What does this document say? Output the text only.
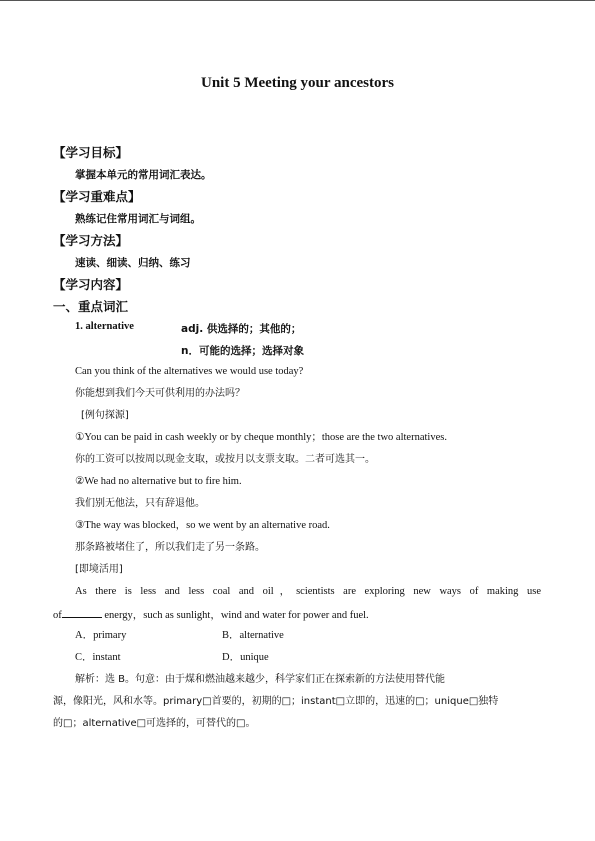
Unit 5 Meeting your ancestors
【学习目标】
掌握本单元的常用词汇表达。
【学习重难点】
熟练记住常用词汇与词组。
【学习方法】
速读、细读、归纳、练习
【学习内容】
一、重点词汇
1. alternative	adj. 供选择的；其他的；
n．可能的选择；选择对象
Can you think of the alternatives we would use today?
你能想到我们今天可供利用的办法吗？
[例句探源]
①You can be paid in cash weekly or by cheque monthly；those are the two alternatives.
你的工资可以按周以现金支取，或按月以支票支取。二者可选其一。
②We had no alternative but to fire him.
我们别无他法，只有辞退他。
③The way was blocked，so we went by an alternative road.
那条路被堵住了，所以我们走了另一条路。
[即境活用]
As there is less and less coal and oil，scientists are exploring new ways of making use
of	energy，such as sunlight，wind and water for power and fuel.
A．primary	B．alternative
C．instant	D．unique
解析：选 B。句意：由于煤和燃油越来越少，科学家们正在探索新的方法使用替代能
源，像阳光，风和水等。primary□首要的，初期的□；instant□立即的，迅速的□；unique□独特
的□；alternative□可选择的，可替代的□。
